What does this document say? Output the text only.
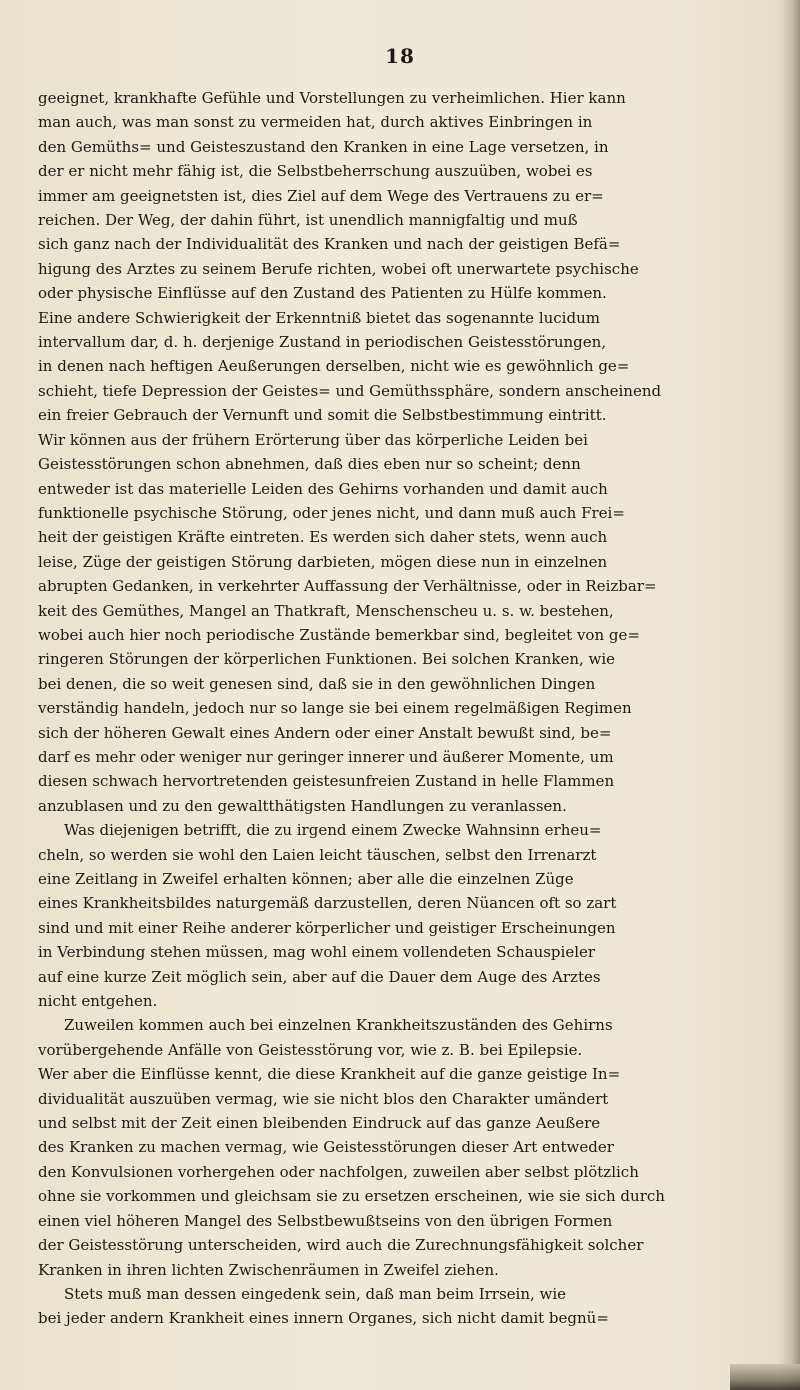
18
geeignet, krankhafte Gefühle und Vorstellungen zu verheimlichen. Hier kann
man auch, was man sonst zu vermeiden hat, durch aktives Einbringen in
den Gemüths= und Geisteszustand den Kranken in eine Lage versetzen, in
der er nicht mehr fähig ist, die Selbstbeherrschung auszuüben, wobei es
immer am geeignetsten ist, dies Ziel auf dem Wege des Vertrauens zu er=
reichen. Der Weg, der dahin führt, ist unendlich mannigfaltig und muß
sich ganz nach der Individualität des Kranken und nach der geistigen Befä=
higung des Arztes zu seinem Berufe richten, wobei oft unerwartete psychische
oder physische Einflüsse auf den Zustand des Patienten zu Hülfe kommen.
Eine andere Schwierigkeit der Erkenntniß bietet das sogenannte lucidum
intervallum dar, d. h. derjenige Zustand in periodischen Geistesstörungen,
in denen nach heftigen Aeußerungen derselben, nicht wie es gewöhnlich ge=
schieht, tiefe Depression der Geistes= und Gemüthssphäre, sondern anscheinend
ein freier Gebrauch der Vernunft und somit die Selbstbestimmung eintritt.
Wir können aus der frühern Erörterung über das körperliche Leiden bei
Geistesstörungen schon abnehmen, daß dies eben nur so scheint; denn
entweder ist das materielle Leiden des Gehirns vorhanden und damit auch
funktionelle psychische Störung, oder jenes nicht, und dann muß auch Frei=
heit der geistigen Kräfte eintreten. Es werden sich daher stets, wenn auch
leise, Züge der geistigen Störung darbieten, mögen diese nun in einzelnen
abrupten Gedanken, in verkehrter Auffassung der Verhältnisse, oder in Reizbar=
keit des Gemüthes, Mangel an Thatkraft, Menschenscheu u. s. w. bestehen,
wobei auch hier noch periodische Zustände bemerkbar sind, begleitet von ge=
ringeren Störungen der körperlichen Funktionen. Bei solchen Kranken, wie
bei denen, die so weit genesen sind, daß sie in den gewöhnlichen Dingen
verständig handeln, jedoch nur so lange sie bei einem regelmäßigen Regimen
sich der höheren Gewalt eines Andern oder einer Anstalt bewußt sind, be=
darf es mehr oder weniger nur geringer innerer und äußerer Momente, um
diesen schwach hervortretenden geistesunfreien Zustand in helle Flammen
anzublasen und zu den gewaltthätigsten Handlungen zu veranlassen.
Was diejenigen betrifft, die zu irgend einem Zwecke Wahnsinn erheu=
cheln, so werden sie wohl den Laien leicht täuschen, selbst den Irrenarzt
eine Zeitlang in Zweifel erhalten können; aber alle die einzelnen Züge
eines Krankheitsbildes naturgemäß darzustellen, deren Nüancen oft so zart
sind und mit einer Reihe anderer körperlicher und geistiger Erscheinungen
in Verbindung stehen müssen, mag wohl einem vollendeten Schauspieler
auf eine kurze Zeit möglich sein, aber auf die Dauer dem Auge des Arztes
nicht entgehen.
Zuweilen kommen auch bei einzelnen Krankheitszuständen des Gehirns
vorübergehende Anfälle von Geistesstörung vor, wie z. B. bei Epilepsie.
Wer aber die Einflüsse kennt, die diese Krankheit auf die ganze geistige In=
dividualität auszuüben vermag, wie sie nicht blos den Charakter umändert
und selbst mit der Zeit einen bleibenden Eindruck auf das ganze Aeußere
des Kranken zu machen vermag, wie Geistesstörungen dieser Art entweder
den Konvulsionen vorhergehen oder nachfolgen, zuweilen aber selbst plötzlich
ohne sie vorkommen und gleichsam sie zu ersetzen erscheinen, wie sie sich durch
einen viel höheren Mangel des Selbstbewußtseins von den übrigen Formen
der Geistesstörung unterscheiden, wird auch die Zurechnungsfähigkeit solcher
Kranken in ihren lichten Zwischenräumen in Zweifel ziehen.
Stets muß man dessen eingedenk sein, daß man beim Irrsein, wie
bei jeder andern Krankheit eines innern Organes, sich nicht damit begnü=
